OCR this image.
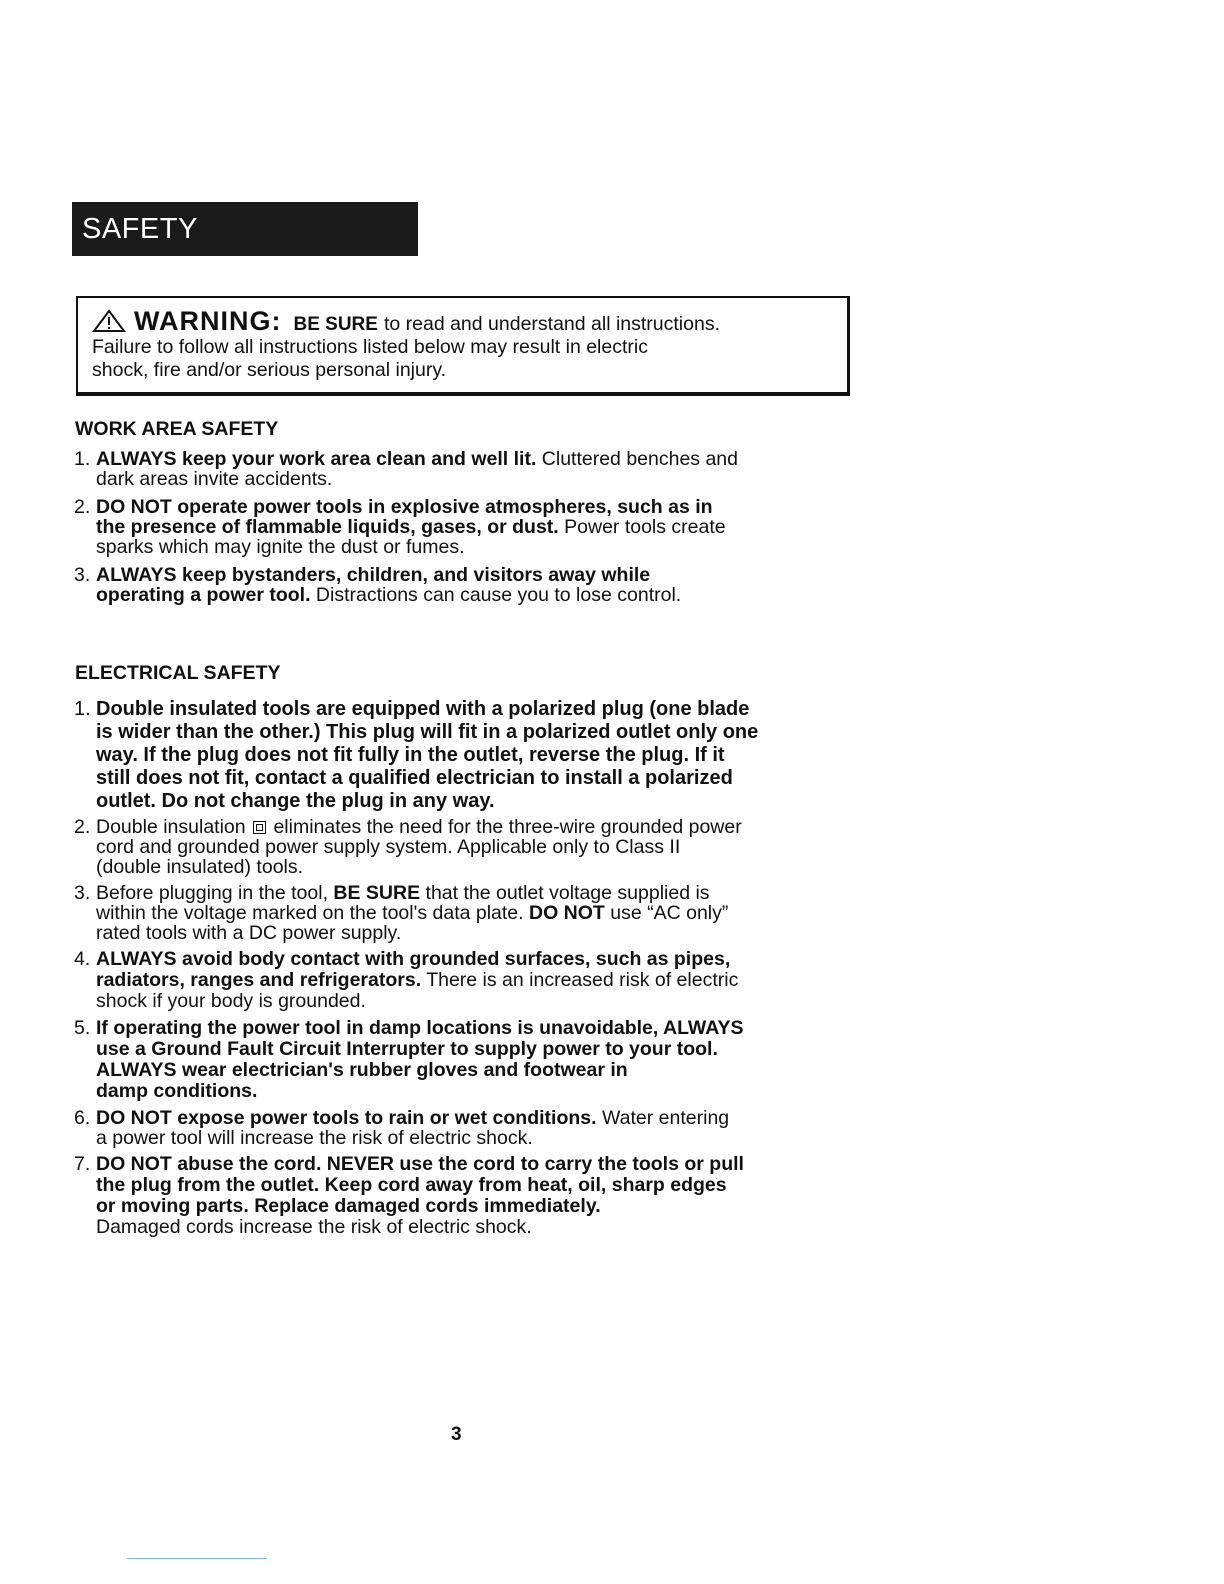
SAFETY INSTRUCTIONS
WARNING: BE SURE to read and understand all instructions.
Failure to follow all instructions listed below may result in electric
shock, fire and/or serious personal injury.
WORK AREA SAFETY
1. ALWAYS keep your work area clean and well lit. Cluttered benches and
dark areas invite accidents.
2. DO NOT operate power tools in explosive atmospheres, such as in
the presence of flammable liquids, gases, or dust. Power tools create
sparks which may ignite the dust or fumes.
3. ALWAYS keep bystanders, children, and visitors away while
operating a power tool. Distractions can cause you to lose control.
ELECTRICAL SAFETY
1. Double insulated tools are equipped with a polarized plug (one blade
is wider than the other.) This plug will fit in a polarized outlet only one
way. If the plug does not fit fully in the outlet, reverse the plug. If it
still does not fit, contact a qualified electrician to install a polarized
outlet. Do not change the plug in any way.
2. Double insulation
eliminates the need for the three-wire grounded power
cord and grounded power supply system. Applicable only to Class II
(double insulated) tools.
3. Before plugging in the tool, BE SURE that the outlet voltage supplied is
within the voltage marked on the tool's data plate. DO NOT use “AC only”
rated tools with a DC power supply.
4. ALWAYS avoid body contact with grounded surfaces, such as pipes,
radiators, ranges and refrigerators. There is an increased risk of electric
shock if your body is grounded.
5. If operating the power tool in damp locations is unavoidable, ALWAYS
use a Ground Fault Circuit Interrupter to supply power to your tool.
ALWAYS wear electrician's rubber gloves and footwear in
damp conditions.
6. DO NOT expose power tools to rain or wet conditions. Water entering
a power tool will increase the risk of electric shock.
7. DO NOT abuse the cord. NEVER use the cord to carry the tools or pull
the plug from the outlet. Keep cord away from heat, oil, sharp edges
or moving parts. Replace damaged cords immediately.
Damaged cords increase the risk of electric shock.
3
